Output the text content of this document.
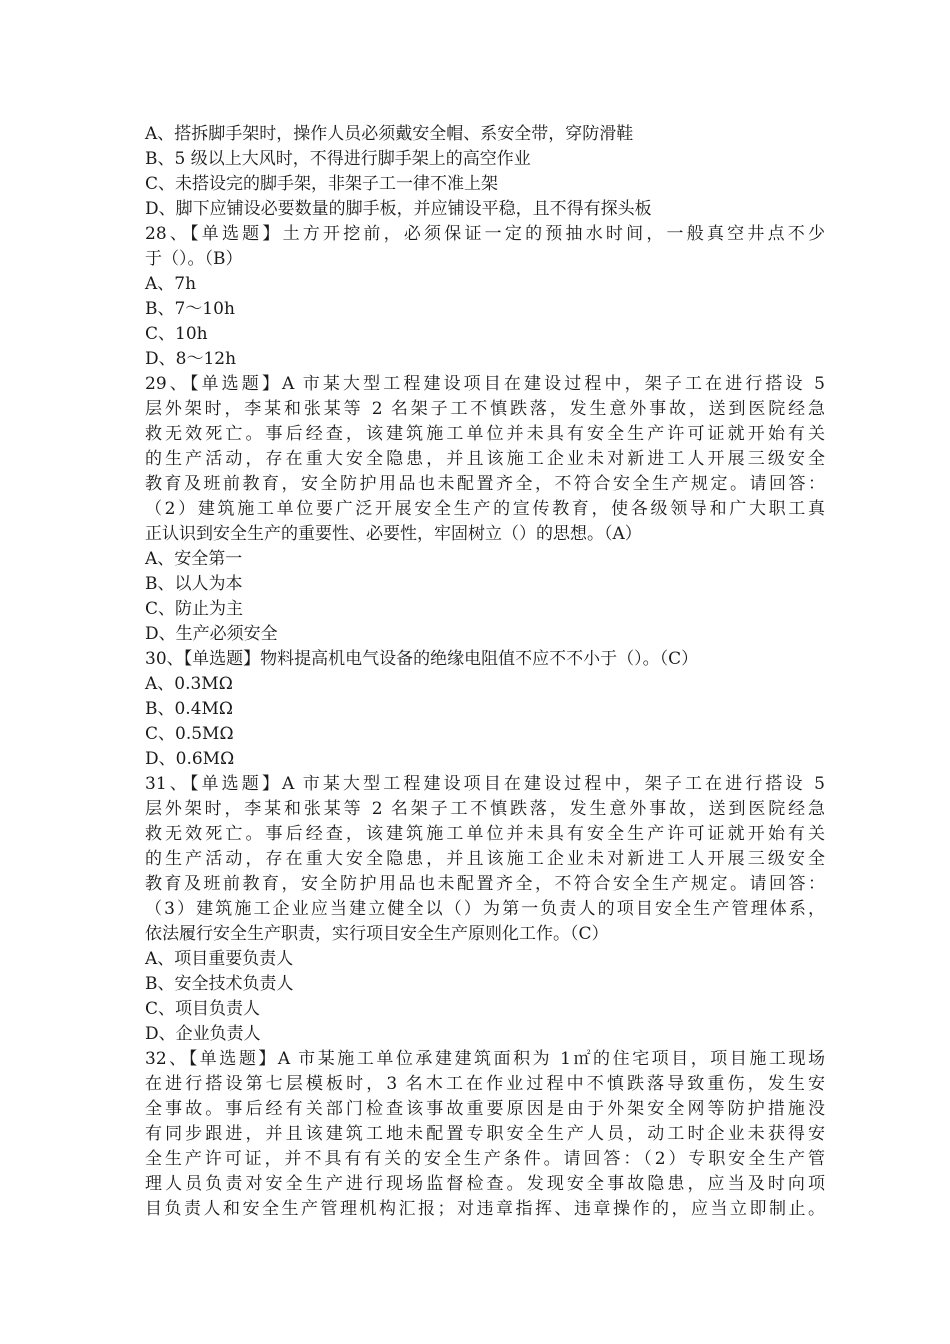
A、搭拆脚手架时，操作人员必须戴安全帽、系安全带，穿防滑鞋
B、5 级以上大风时，不得进行脚手架上的高空作业
C、未搭设完的脚手架，非架子工一律不准上架
D、脚下应铺设必要数量的脚手板，并应铺设平稳，且不得有探头板
28、【单选题】土方开挖前，必须保证一定的预抽水时间，一般真空井点不少
于（）。（B）
A、7h
B、7～10h
C、10h
D、8～12h
29、【单选题】A 市某大型工程建设项目在建设过程中，架子工在进行搭设 5
层外架时，李某和张某等 2 名架子工不慎跌落，发生意外事故，送到医院经急
救无效死亡。事后经查，该建筑施工单位并未具有安全生产许可证就开始有关
的生产活动，存在重大安全隐患，并且该施工企业未对新进工人开展三级安全
教育及班前教育，安全防护用品也未配置齐全，不符合安全生产规定。请回答：
（2）建筑施工单位要广泛开展安全生产的宣传教育，使各级领导和广大职工真
正认识到安全生产的重要性、必要性，牢固树立（）的思想。（A）
A、安全第一
B、以人为本
C、防止为主
D、生产必须安全
30、【单选题】物料提高机电气设备的绝缘电阻值不应不不小于（）。（C）
A、0.3MΩ
B、0.4MΩ
C、0.5MΩ
D、0.6MΩ
31、【单选题】A 市某大型工程建设项目在建设过程中，架子工在进行搭设 5
层外架时，李某和张某等 2 名架子工不慎跌落，发生意外事故，送到医院经急
救无效死亡。事后经查，该建筑施工单位并未具有安全生产许可证就开始有关
的生产活动，存在重大安全隐患，并且该施工企业未对新进工人开展三级安全
教育及班前教育，安全防护用品也未配置齐全，不符合安全生产规定。请回答：
（3）建筑施工企业应当建立健全以（）为第一负责人的项目安全生产管理体系，
依法履行安全生产职责，实行项目安全生产原则化工作。（C）
A、项目重要负责人
B、安全技术负责人
C、项目负责人
D、企业负责人
32、【单选题】A 市某施工单位承建建筑面积为 1㎡的住宅项目，项目施工现场
在进行搭设第七层模板时，3 名木工在作业过程中不慎跌落导致重伤，发生安
全事故。事后经有关部门检查该事故重要原因是由于外架安全网等防护措施没
有同步跟进，并且该建筑工地未配置专职安全生产人员，动工时企业未获得安
全生产许可证，并不具有有关的安全生产条件。请回答：（2）专职安全生产管
理人员负责对安全生产进行现场监督检查。发现安全事故隐患，应当及时向项
目负责人和安全生产管理机构汇报；对违章指挥、违章操作的，应当立即制止。
